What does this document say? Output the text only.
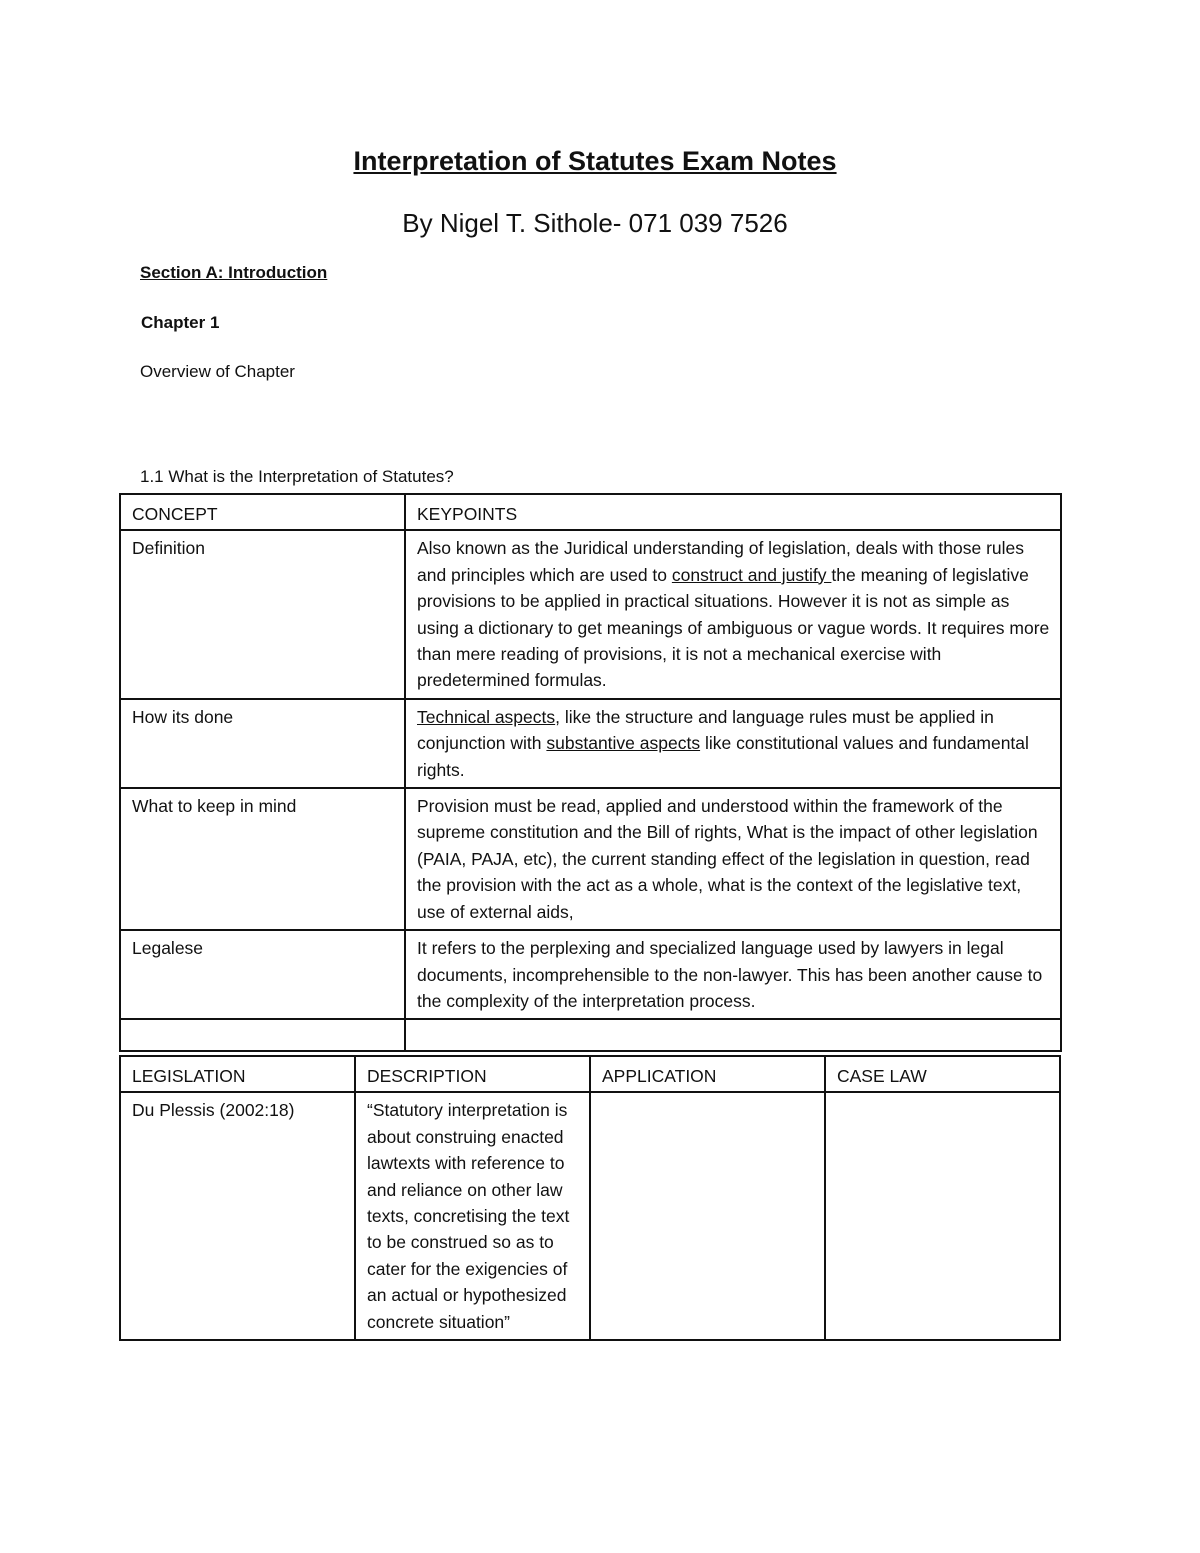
Interpretation of Statutes Exam Notes

By Nigel T. Sithole- 071 039 7526

Section A: Introduction
Chapter 1
Overview of Chapter
1.1 What is the Interpretation of Statutes?
CONCEPT	KEYPOINTS
Definition	Also known as the Juridical understanding of legislation, deals with those rules and principles which are used to construct and justify the meaning of legislative provisions to be applied in practical situations. However it is not as simple as using a dictionary to get meanings of ambiguous or vague words. It requires more than mere reading of provisions, it is not a mechanical exercise with predetermined formulas.
How its done	Technical aspects, like the structure and language rules must be applied in conjunction with substantive aspects like constitutional values and fundamental rights.
What to keep in mind	Provision must be read, applied and understood within the framework of the supreme constitution and the Bill of rights, What is the impact of other legislation (PAIA, PAJA, etc), the current standing effect of the legislation in question, read the provision with the act as a whole, what is the context of the legislative text, use of external aids,
Legalese	It refers to the perplexing and specialized language used by lawyers in legal documents, incomprehensible to the non-lawyer. This has been another cause to the complexity of the interpretation process.

LEGISLATION	DESCRIPTION	APPLICATION	CASE LAW
Du Plessis (2002:18)	“Statutory interpretation is about construing enacted lawtexts with reference to and reliance on other law texts, concretising the text to be construed so as to cater for the exigencies of an actual or hypothesized concrete situation”		
